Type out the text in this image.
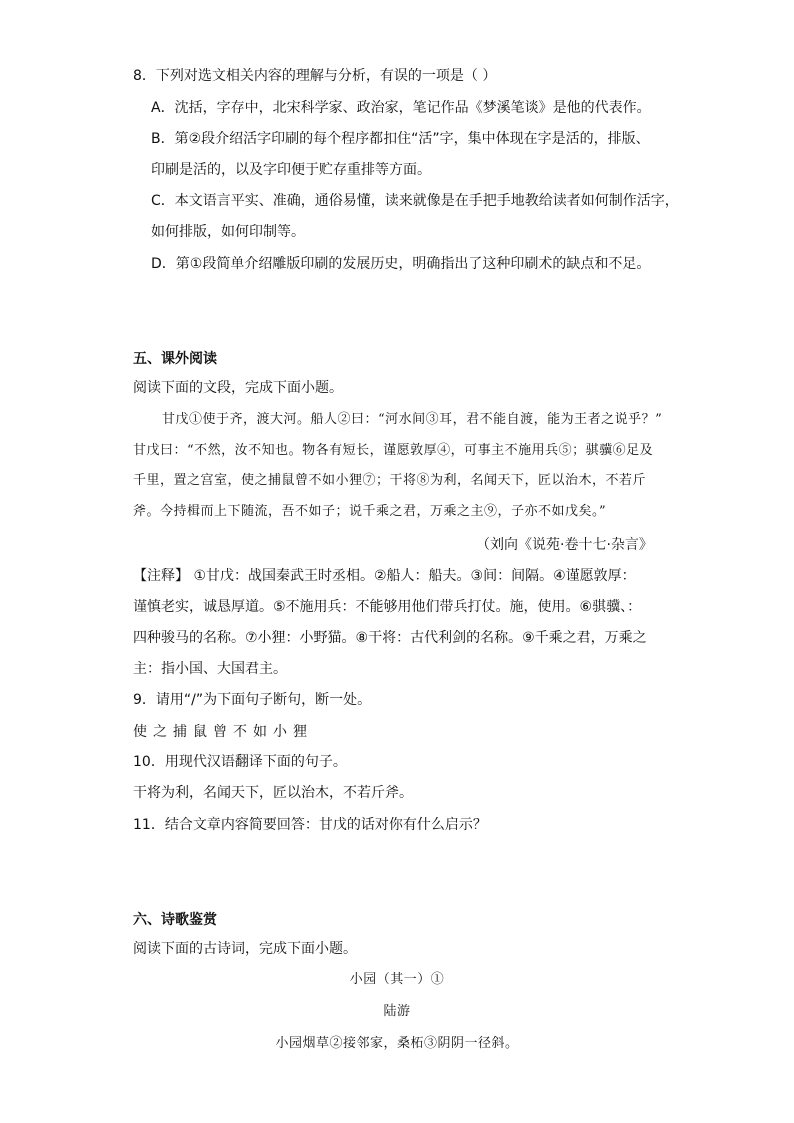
8．下列对选文相关内容的理解与分析，有误的一项是（ ）
A．沈括，字存中，北宋科学家、政治家，笔记作品《梦溪笔谈》是他的代表作。
B．第②段介绍活字印刷的每个程序都扣住“活”字，集中体现在字是活的，排版、
印刷是活的，以及字印便于贮存重排等方面。
C．本文语言平实、准确，通俗易懂，读来就像是在手把手地教给读者如何制作活字，
如何排版，如何印制等。
D．第①段简单介绍雕版印刷的发展历史，明确指出了这种印刷术的缺点和不足。
五、课外阅读
阅读下面的文段，完成下面小题。
甘戊①使于齐，渡大河。船人②曰：“河水间③耳，君不能自渡，能为王者之说乎？”
甘戊曰：“不然，汝不知也。物各有短长，谨愿敦厚④，可事主不施用兵⑤；骐骥⑥足及
千里，置之宫室，使之捕鼠曾不如小狸⑦；干将⑧为利，名闻天下，匠以治木，不若斤
斧。今持楫而上下随流，吾不如子；说千乘之君，万乘之主⑨，子亦不如戊矣。”
（刘向《说苑·卷十七·杂言》
【注释】 ①甘戊：战国秦武王时丞相。②船人：船夫。③间：间隔。④谨愿敦厚：
谨慎老实，诚恳厚道。⑤不施用兵：不能够用他们带兵打仗。施，使用。⑥骐骥、：
四种骏马的名称。⑦小狸：小野猫。⑧干将：古代利剑的名称。⑨千乘之君，万乘之
主：指小国、大国君主。
9．请用“/”为下面句子断句，断一处。
使之捕鼠曾不如小狸
10．用现代汉语翻译下面的句子。
干将为利，名闻天下，匠以治木，不若斤斧。
11．结合文章内容简要回答：甘戊的话对你有什么启示？
六、诗歌鉴赏
阅读下面的古诗词，完成下面小题。
小园（其一）①
陆游
小园烟草②接邻家，桑柘③阴阴一径斜。
